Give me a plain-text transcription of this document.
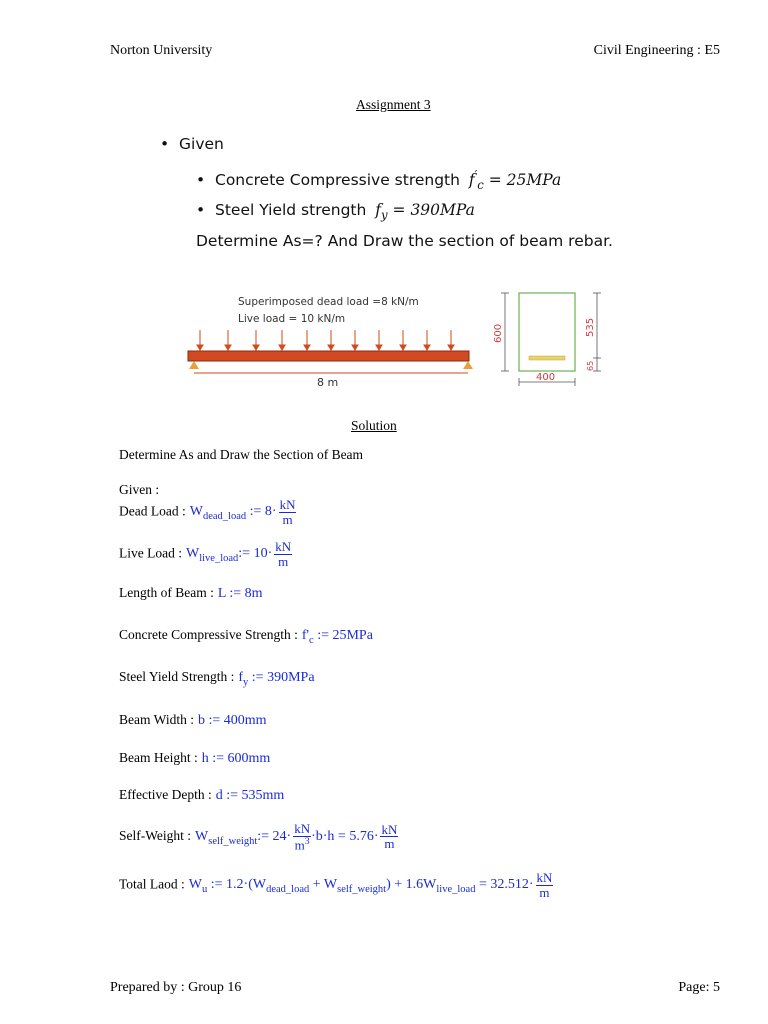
Norton University	Civil Engineering : E5
Assignment 3
•  Given
•  Concrete Compressive strength $f'_c = 25MPa$
•  Steel Yield strength $f_y = 390MPa$
Determine As=? And Draw the section of beam rebar.
Superimposed dead load =8 kN/m
Live load = 10 kN/m
8 m
600	535
65
400
Solution
Determine As and Draw the Section of Beam
Given :
Dead Load : $W_{dead\_load}$ := $8\cdot \frac{kN}{m}$
Live Load : $W_{live\_load}:= 10\cdot \frac{kN}{m}$
Length of Beam : L := 8m
Concrete Compressive Strength : $f'_c$ := 25MPa
Steel Yield Strength : $f_y$ := 390MPa
Beam Width : b := 400mm
Beam Height : h := 600mm
Effective Depth : d := 535mm
Self-Weight : $W_{self\_weight}:= 24\cdot \frac{kN}{m^3} \cdot b\cdot h = 5.76\cdot \frac{kN}{m}$
Total Laod : $W_u$ := $1.2\cdot(W_{dead\_load} + W_{self\_weight}) + 1.6W_{live\_load} = 32.512\cdot \frac{kN}{m}$
Prepared by : Group 16	Page: 5
